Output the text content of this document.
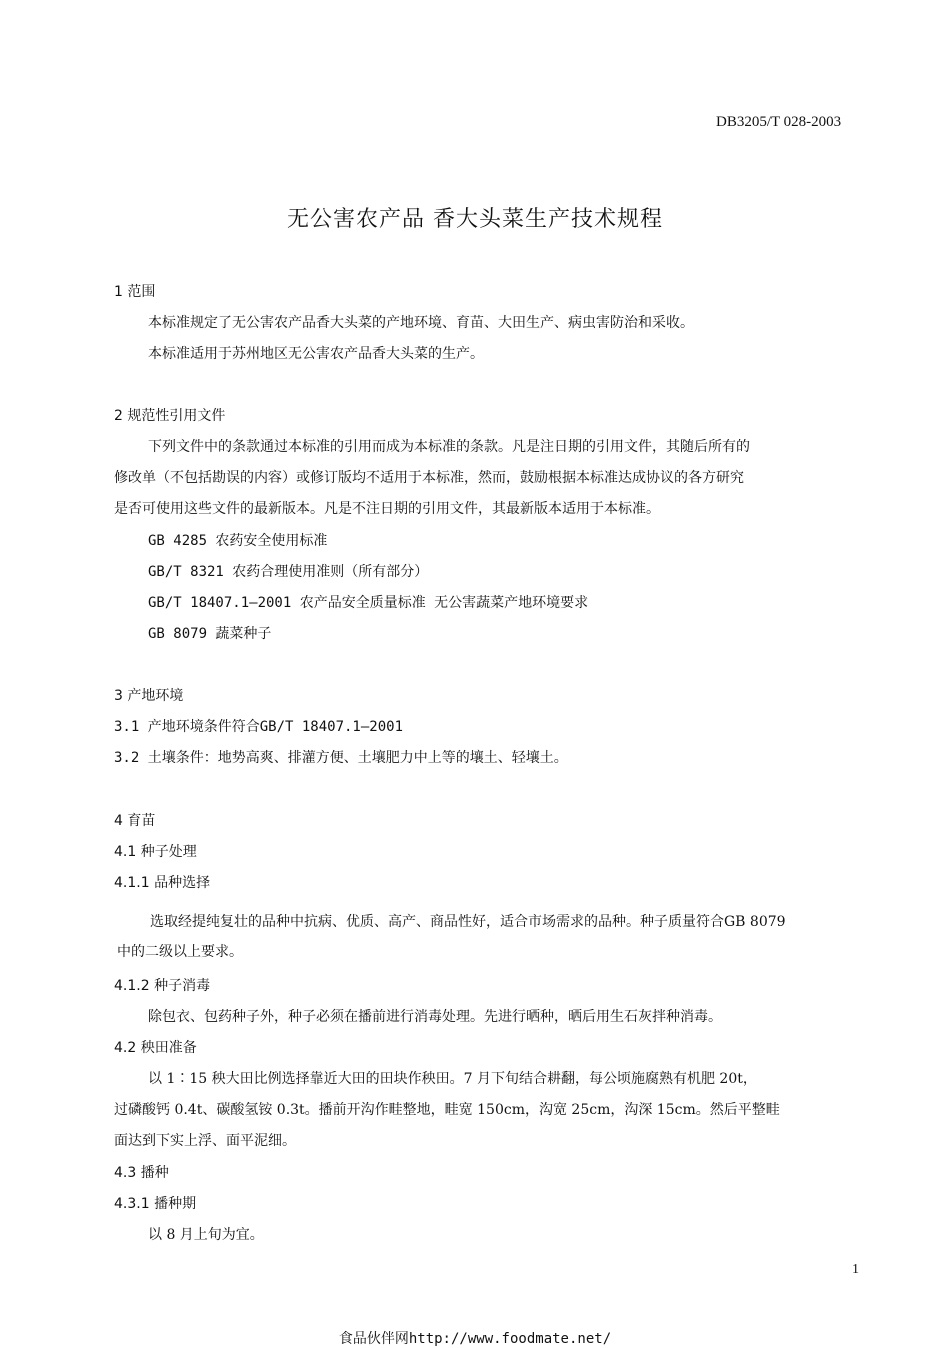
DB3205/T 028-2003
无公害农产品 香大头菜生产技术规程
1 范围
本标准规定了无公害农产品香大头菜的产地环境、育苗、大田生产、病虫害防治和采收。
本标准适用于苏州地区无公害农产品香大头菜的生产。
2 规范性引用文件
下列文件中的条款通过本标准的引用而成为本标准的条款。凡是注日期的引用文件，其随后所有的
修改单（不包括勘误的内容）或修订版均不适用于本标准，然而，鼓励根据本标准达成协议的各方研究
是否可使用这些文件的最新版本。凡是不注日期的引用文件，其最新版本适用于本标准。
GB 4285 农药安全使用标准
GB/T 8321 农药合理使用准则（所有部分）
GB/T 18407.1—2001 农产品安全质量标准 无公害蔬菜产地环境要求
GB 8079 蔬菜种子
3 产地环境
3.1 产地环境条件符合GB/T 18407.1—2001
3.2 土壤条件：地势高爽、排灌方便、土壤肥力中上等的壤土、轻壤土。
4 育苗
4.1 种子处理
4.1.1 品种选择
选取经提纯复壮的品种中抗病、优质、高产、商品性好，适合市场需求的品种。种子质量符合GB 8079
中的二级以上要求。
4.1.2 种子消毒
除包衣、包药种子外，种子必须在播前进行消毒处理。先进行晒种，晒后用生石灰拌种消毒。
4.2 秧田准备
以 1∶15 秧大田比例选择靠近大田的田块作秧田。7 月下旬结合耕翻，每公顷施腐熟有机肥 20t，
过磷酸钙 0.4t、碳酸氢铵 0.3t。播前开沟作畦整地，畦宽 150cm，沟宽 25cm，沟深 15cm。然后平整畦
面达到下实上浮、面平泥细。
4.3 播种
4.3.1 播种期
以 8 月上旬为宜。
1
食品伙伴网http://www.foodmate.net/
